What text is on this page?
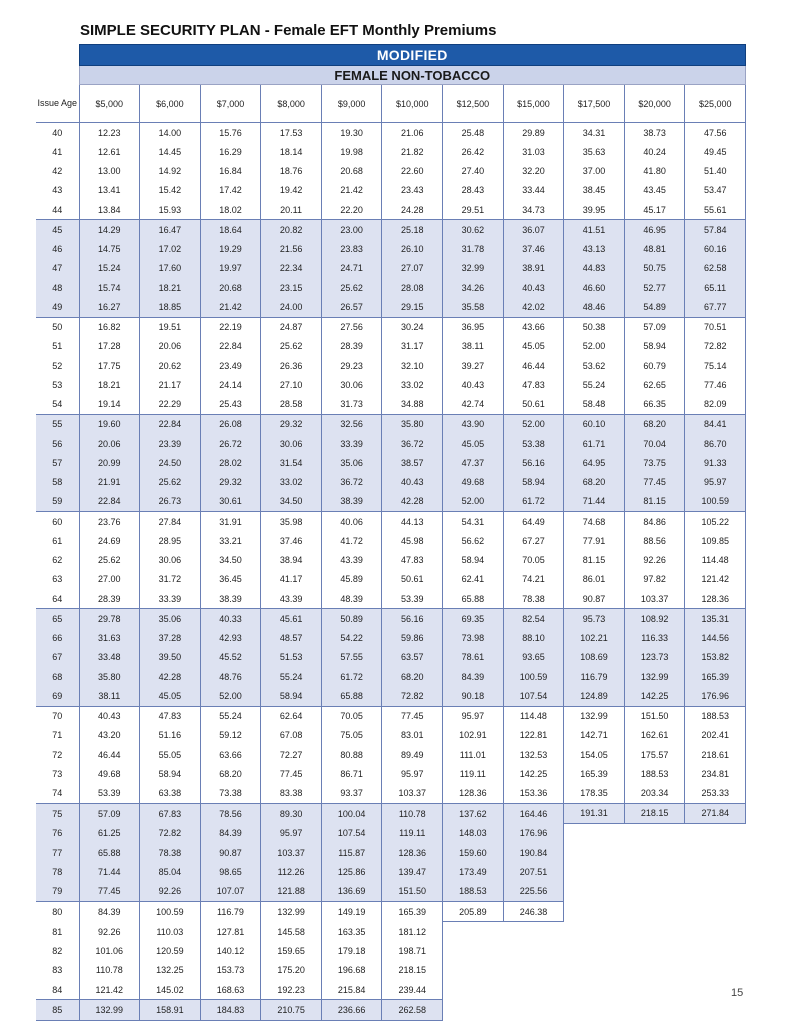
SIMPLE SECURITY PLAN - Female EFT Monthly Premiums
	MODIFIED										
	FEMALE NON-TOBACCO										
Issue Age	$5,000	$6,000	$7,000	$8,000	$9,000	$10,000	$12,500	$15,000	$17,500	$20,000	$25,000
40	12.23	14.00	15.76	17.53	19.30	21.06	25.48	29.89	34.31	38.73	47.56
41	12.61	14.45	16.29	18.14	19.98	21.82	26.42	31.03	35.63	40.24	49.45
42	13.00	14.92	16.84	18.76	20.68	22.60	27.40	32.20	37.00	41.80	51.40
43	13.41	15.42	17.42	19.42	21.42	23.43	28.43	33.44	38.45	43.45	53.47
44	13.84	15.93	18.02	20.11	22.20	24.28	29.51	34.73	39.95	45.17	55.61
45	14.29	16.47	18.64	20.82	23.00	25.18	30.62	36.07	41.51	46.95	57.84
46	14.75	17.02	19.29	21.56	23.83	26.10	31.78	37.46	43.13	48.81	60.16
47	15.24	17.60	19.97	22.34	24.71	27.07	32.99	38.91	44.83	50.75	62.58
48	15.74	18.21	20.68	23.15	25.62	28.08	34.26	40.43	46.60	52.77	65.11
49	16.27	18.85	21.42	24.00	26.57	29.15	35.58	42.02	48.46	54.89	67.77
50	16.82	19.51	22.19	24.87	27.56	30.24	36.95	43.66	50.38	57.09	70.51
51	17.28	20.06	22.84	25.62	28.39	31.17	38.11	45.05	52.00	58.94	72.82
52	17.75	20.62	23.49	26.36	29.23	32.10	39.27	46.44	53.62	60.79	75.14
53	18.21	21.17	24.14	27.10	30.06	33.02	40.43	47.83	55.24	62.65	77.46
54	19.14	22.29	25.43	28.58	31.73	34.88	42.74	50.61	58.48	66.35	82.09
55	19.60	22.84	26.08	29.32	32.56	35.80	43.90	52.00	60.10	68.20	84.41
56	20.06	23.39	26.72	30.06	33.39	36.72	45.05	53.38	61.71	70.04	86.70
57	20.99	24.50	28.02	31.54	35.06	38.57	47.37	56.16	64.95	73.75	91.33
58	21.91	25.62	29.32	33.02	36.72	40.43	49.68	58.94	68.20	77.45	95.97
59	22.84	26.73	30.61	34.50	38.39	42.28	52.00	61.72	71.44	81.15	100.59
60	23.76	27.84	31.91	35.98	40.06	44.13	54.31	64.49	74.68	84.86	105.22
61	24.69	28.95	33.21	37.46	41.72	45.98	56.62	67.27	77.91	88.56	109.85
62	25.62	30.06	34.50	38.94	43.39	47.83	58.94	70.05	81.15	92.26	114.48
63	27.00	31.72	36.45	41.17	45.89	50.61	62.41	74.21	86.01	97.82	121.42
64	28.39	33.39	38.39	43.39	48.39	53.39	65.88	78.38	90.87	103.37	128.36
65	29.78	35.06	40.33	45.61	50.89	56.16	69.35	82.54	95.73	108.92	135.31
66	31.63	37.28	42.93	48.57	54.22	59.86	73.98	88.10	102.21	116.33	144.56
67	33.48	39.50	45.52	51.53	57.55	63.57	78.61	93.65	108.69	123.73	153.82
68	35.80	42.28	48.76	55.24	61.72	68.20	84.39	100.59	116.79	132.99	165.39
69	38.11	45.05	52.00	58.94	65.88	72.82	90.18	107.54	124.89	142.25	176.96
70	40.43	47.83	55.24	62.64	70.05	77.45	95.97	114.48	132.99	151.50	188.53
71	43.20	51.16	59.12	67.08	75.05	83.01	102.91	122.81	142.71	162.61	202.41
72	46.44	55.05	63.66	72.27	80.88	89.49	111.01	132.53	154.05	175.57	218.61
73	49.68	58.94	68.20	77.45	86.71	95.97	119.11	142.25	165.39	188.53	234.81
74	53.39	63.38	73.38	83.38	93.37	103.37	128.36	153.36	178.35	203.34	253.33
75	57.09	67.83	78.56	89.30	100.04	110.78	137.62	164.46	191.31	218.15	271.84
76	61.25	72.82	84.39	95.97	107.54	119.11	148.03	176.96			
77	65.88	78.38	90.87	103.37	115.87	128.36	159.60	190.84			
78	71.44	85.04	98.65	112.26	125.86	139.47	173.49	207.51			
79	77.45	92.26	107.07	121.88	136.69	151.50	188.53	225.56			
80	84.39	100.59	116.79	132.99	149.19	165.39	205.89	246.38			
81	92.26	110.03	127.81	145.58	163.35	181.12					
82	101.06	120.59	140.12	159.65	179.18	198.71					
83	110.78	132.25	153.73	175.20	196.68	218.15					
84	121.42	145.02	168.63	192.23	215.84	239.44					
85	132.99	158.91	184.83	210.75	236.66	262.58					
15
